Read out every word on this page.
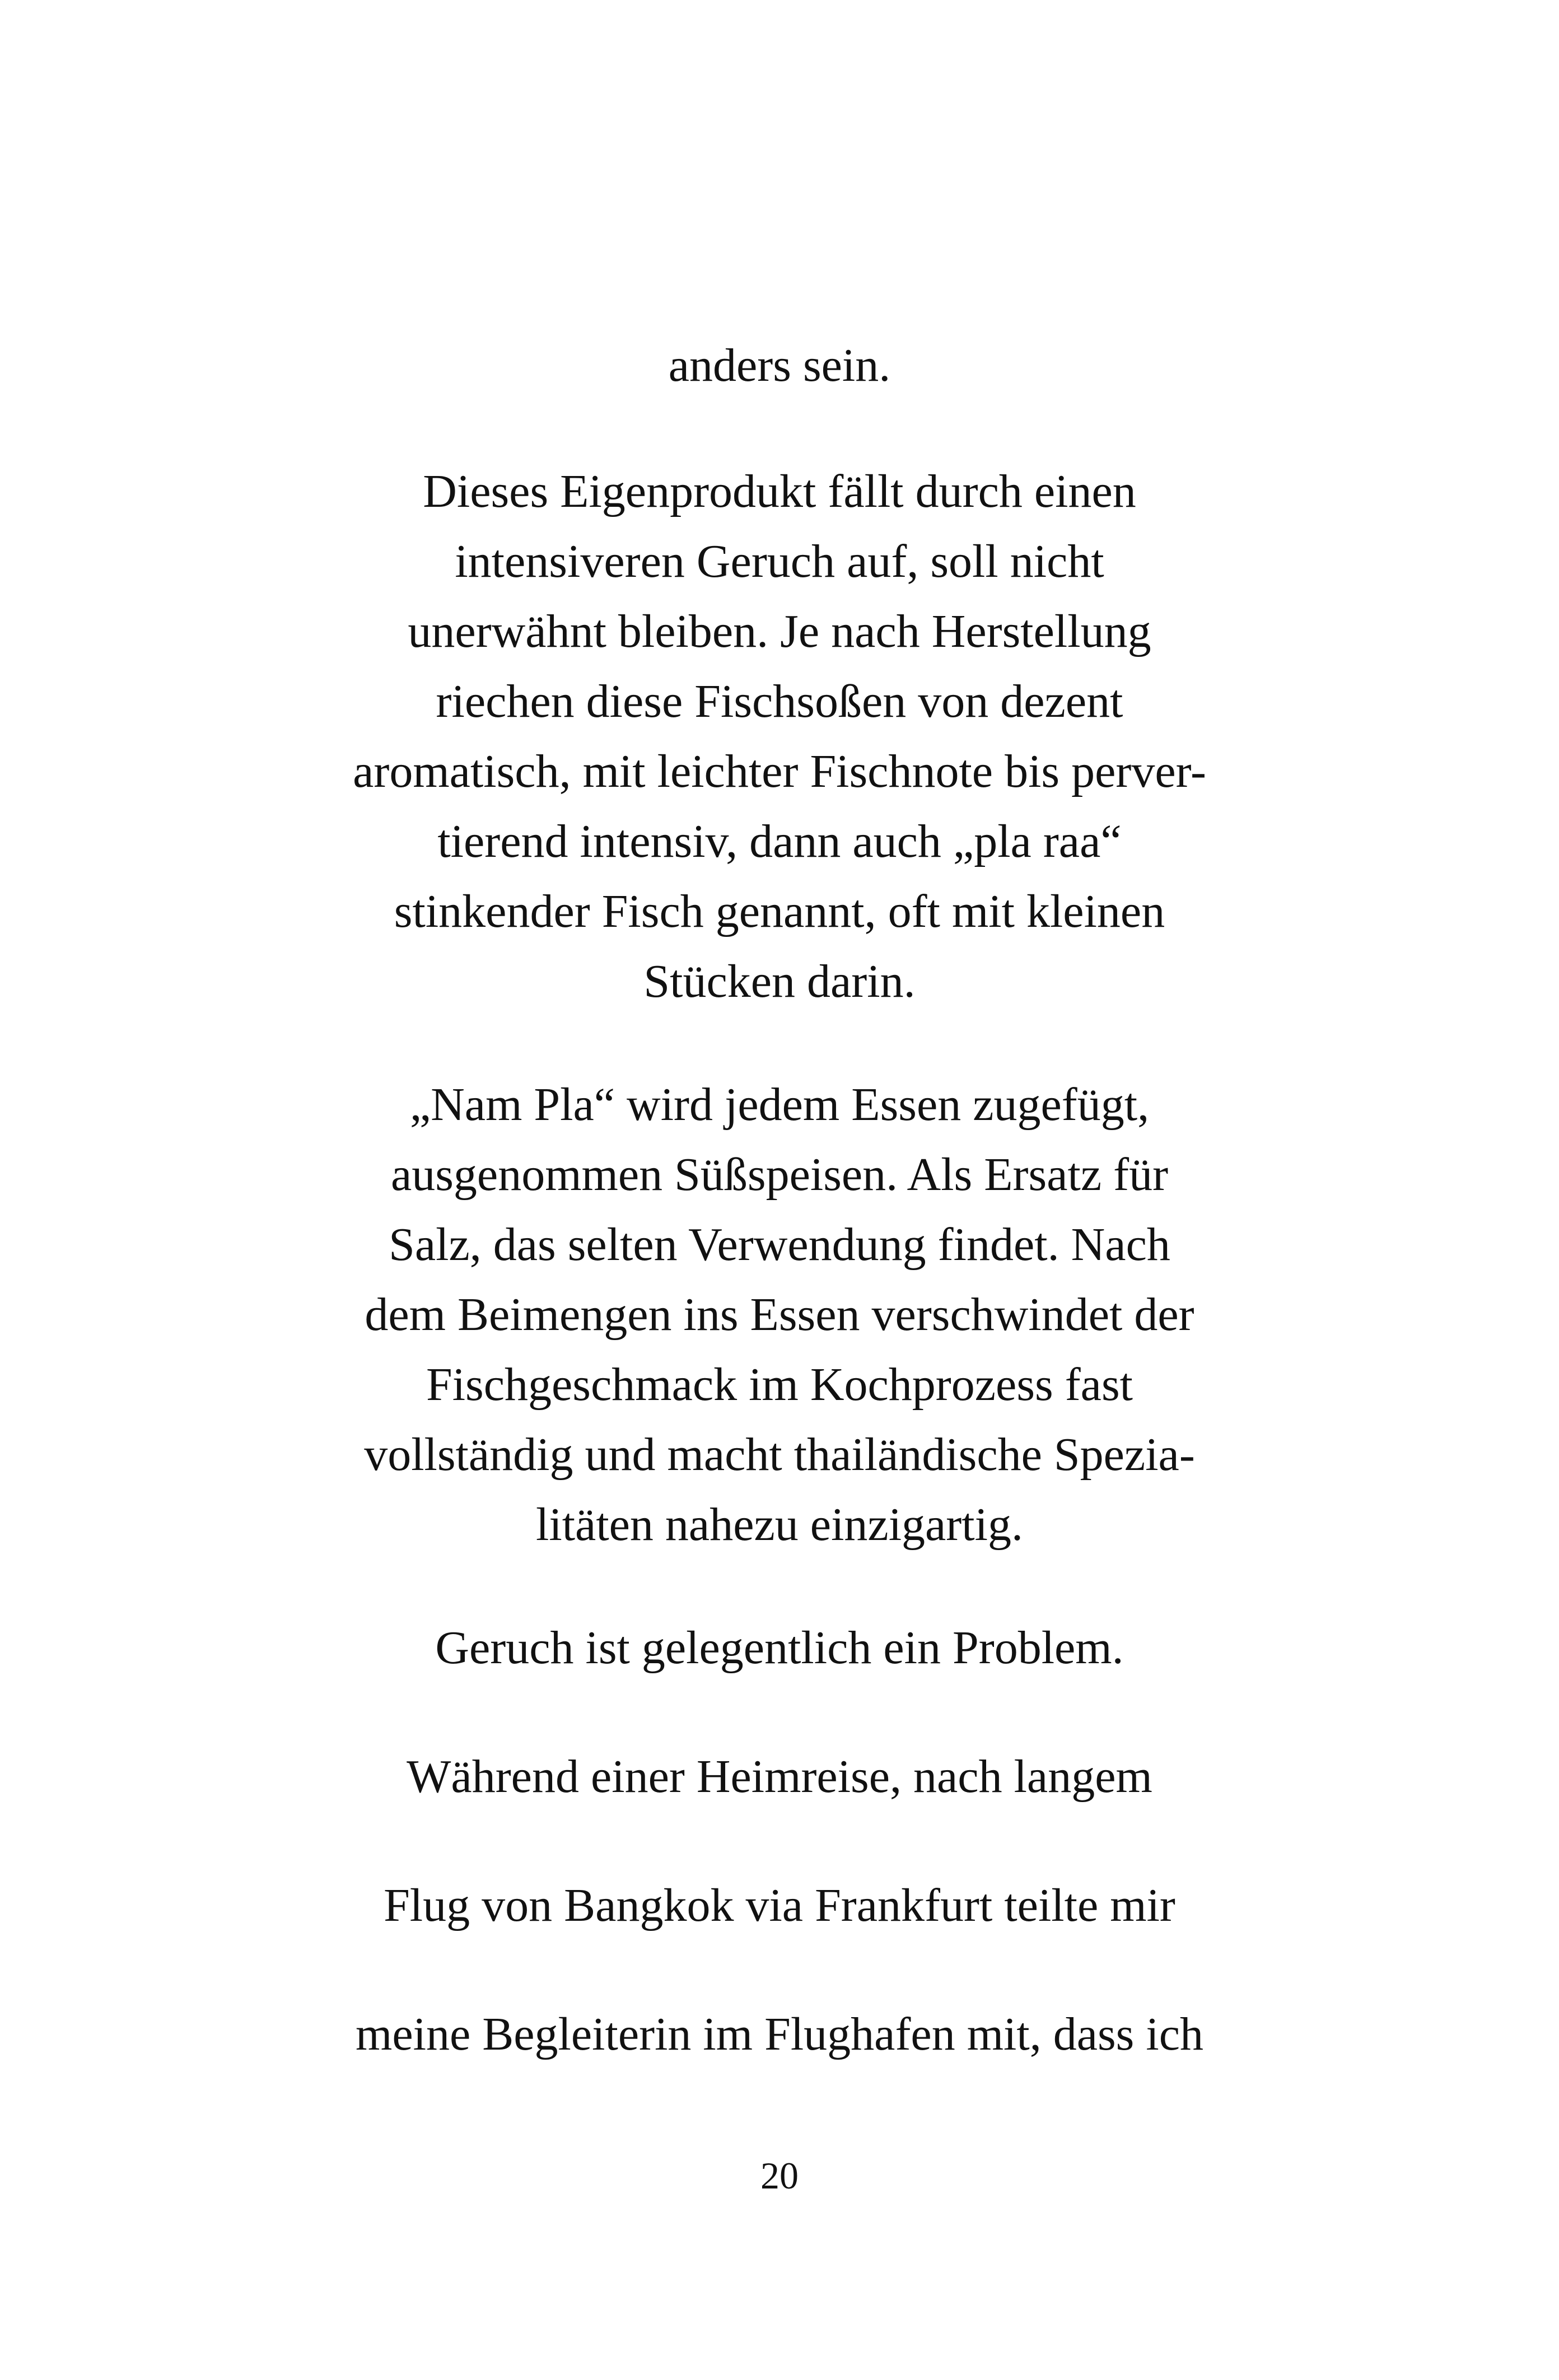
anders sein.

Dieses Eigenprodukt fällt durch einen
intensiveren Geruch auf, soll nicht
unerwähnt bleiben. Je nach Herstellung
riechen diese Fischsoßen von dezent
aromatisch, mit leichter Fischnote bis perver-
tierend intensiv, dann auch „pla raa“
stinkender Fisch genannt, oft mit kleinen
Stücken darin.
„Nam Pla“ wird jedem Essen zugefügt,
ausgenommen Süßspeisen. Als Ersatz für
Salz, das selten Verwendung findet. Nach
dem Beimengen ins Essen verschwindet der
Fischgeschmack im Kochprozess fast
vollständig und macht thailändische Spezia-
litäten nahezu einzigartig.

Geruch ist gelegentlich ein Problem.

Während einer Heimreise, nach langem

Flug von Bangkok via Frankfurt teilte mir

meine Begleiterin im Flughafen mit, dass ich

20
